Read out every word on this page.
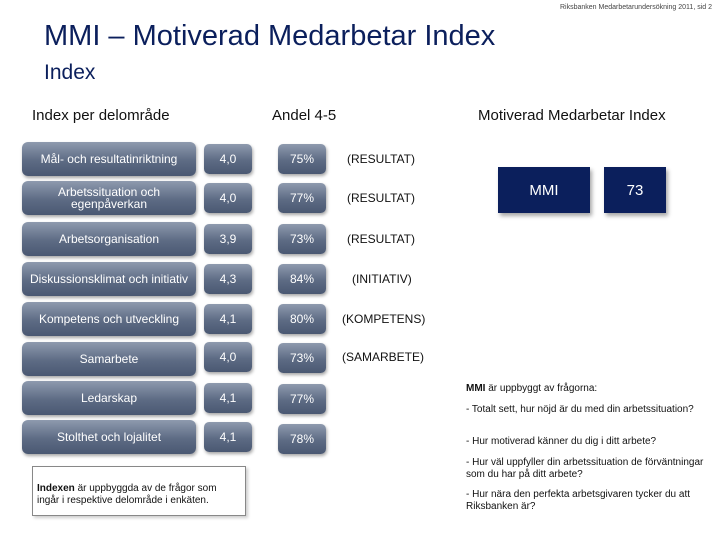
Riksbanken Medarbetarundersökning 2011, sid 2
MMI – Motiverad Medarbetar Index
Index
Index per delområde	Andel 4-5	Motiverad Medarbetar Index
Mål- och resultatinriktning	4,0	75%	(RESULTAT)
Arbetssituation och egenpåverkan	4,0	77%	(RESULTAT)
Arbetsorganisation	3,9	73%	(RESULTAT)
Diskussionsklimat och initiativ	4,3	84%	(INITIATIV)
Kompetens och utveckling	4,1	80%	(KOMPETENS)
Samarbete	4,0	73%	(SAMARBETE)
Ledarskap	4,1	77%
Stolthet och lojalitet	4,1	78%
MMI	73
Indexen är uppbyggda av de frågor som ingår i respektive delområde i enkäten.
MMI är uppbyggt av frågorna:
- Totalt sett, hur nöjd är du med din arbetssituation?
- Hur motiverad känner du dig i ditt arbete?
- Hur väl uppfyller din arbetssituation de förväntningar som du har på ditt arbete?
- Hur nära den perfekta arbetsgivaren tycker du att Riksbanken är?
